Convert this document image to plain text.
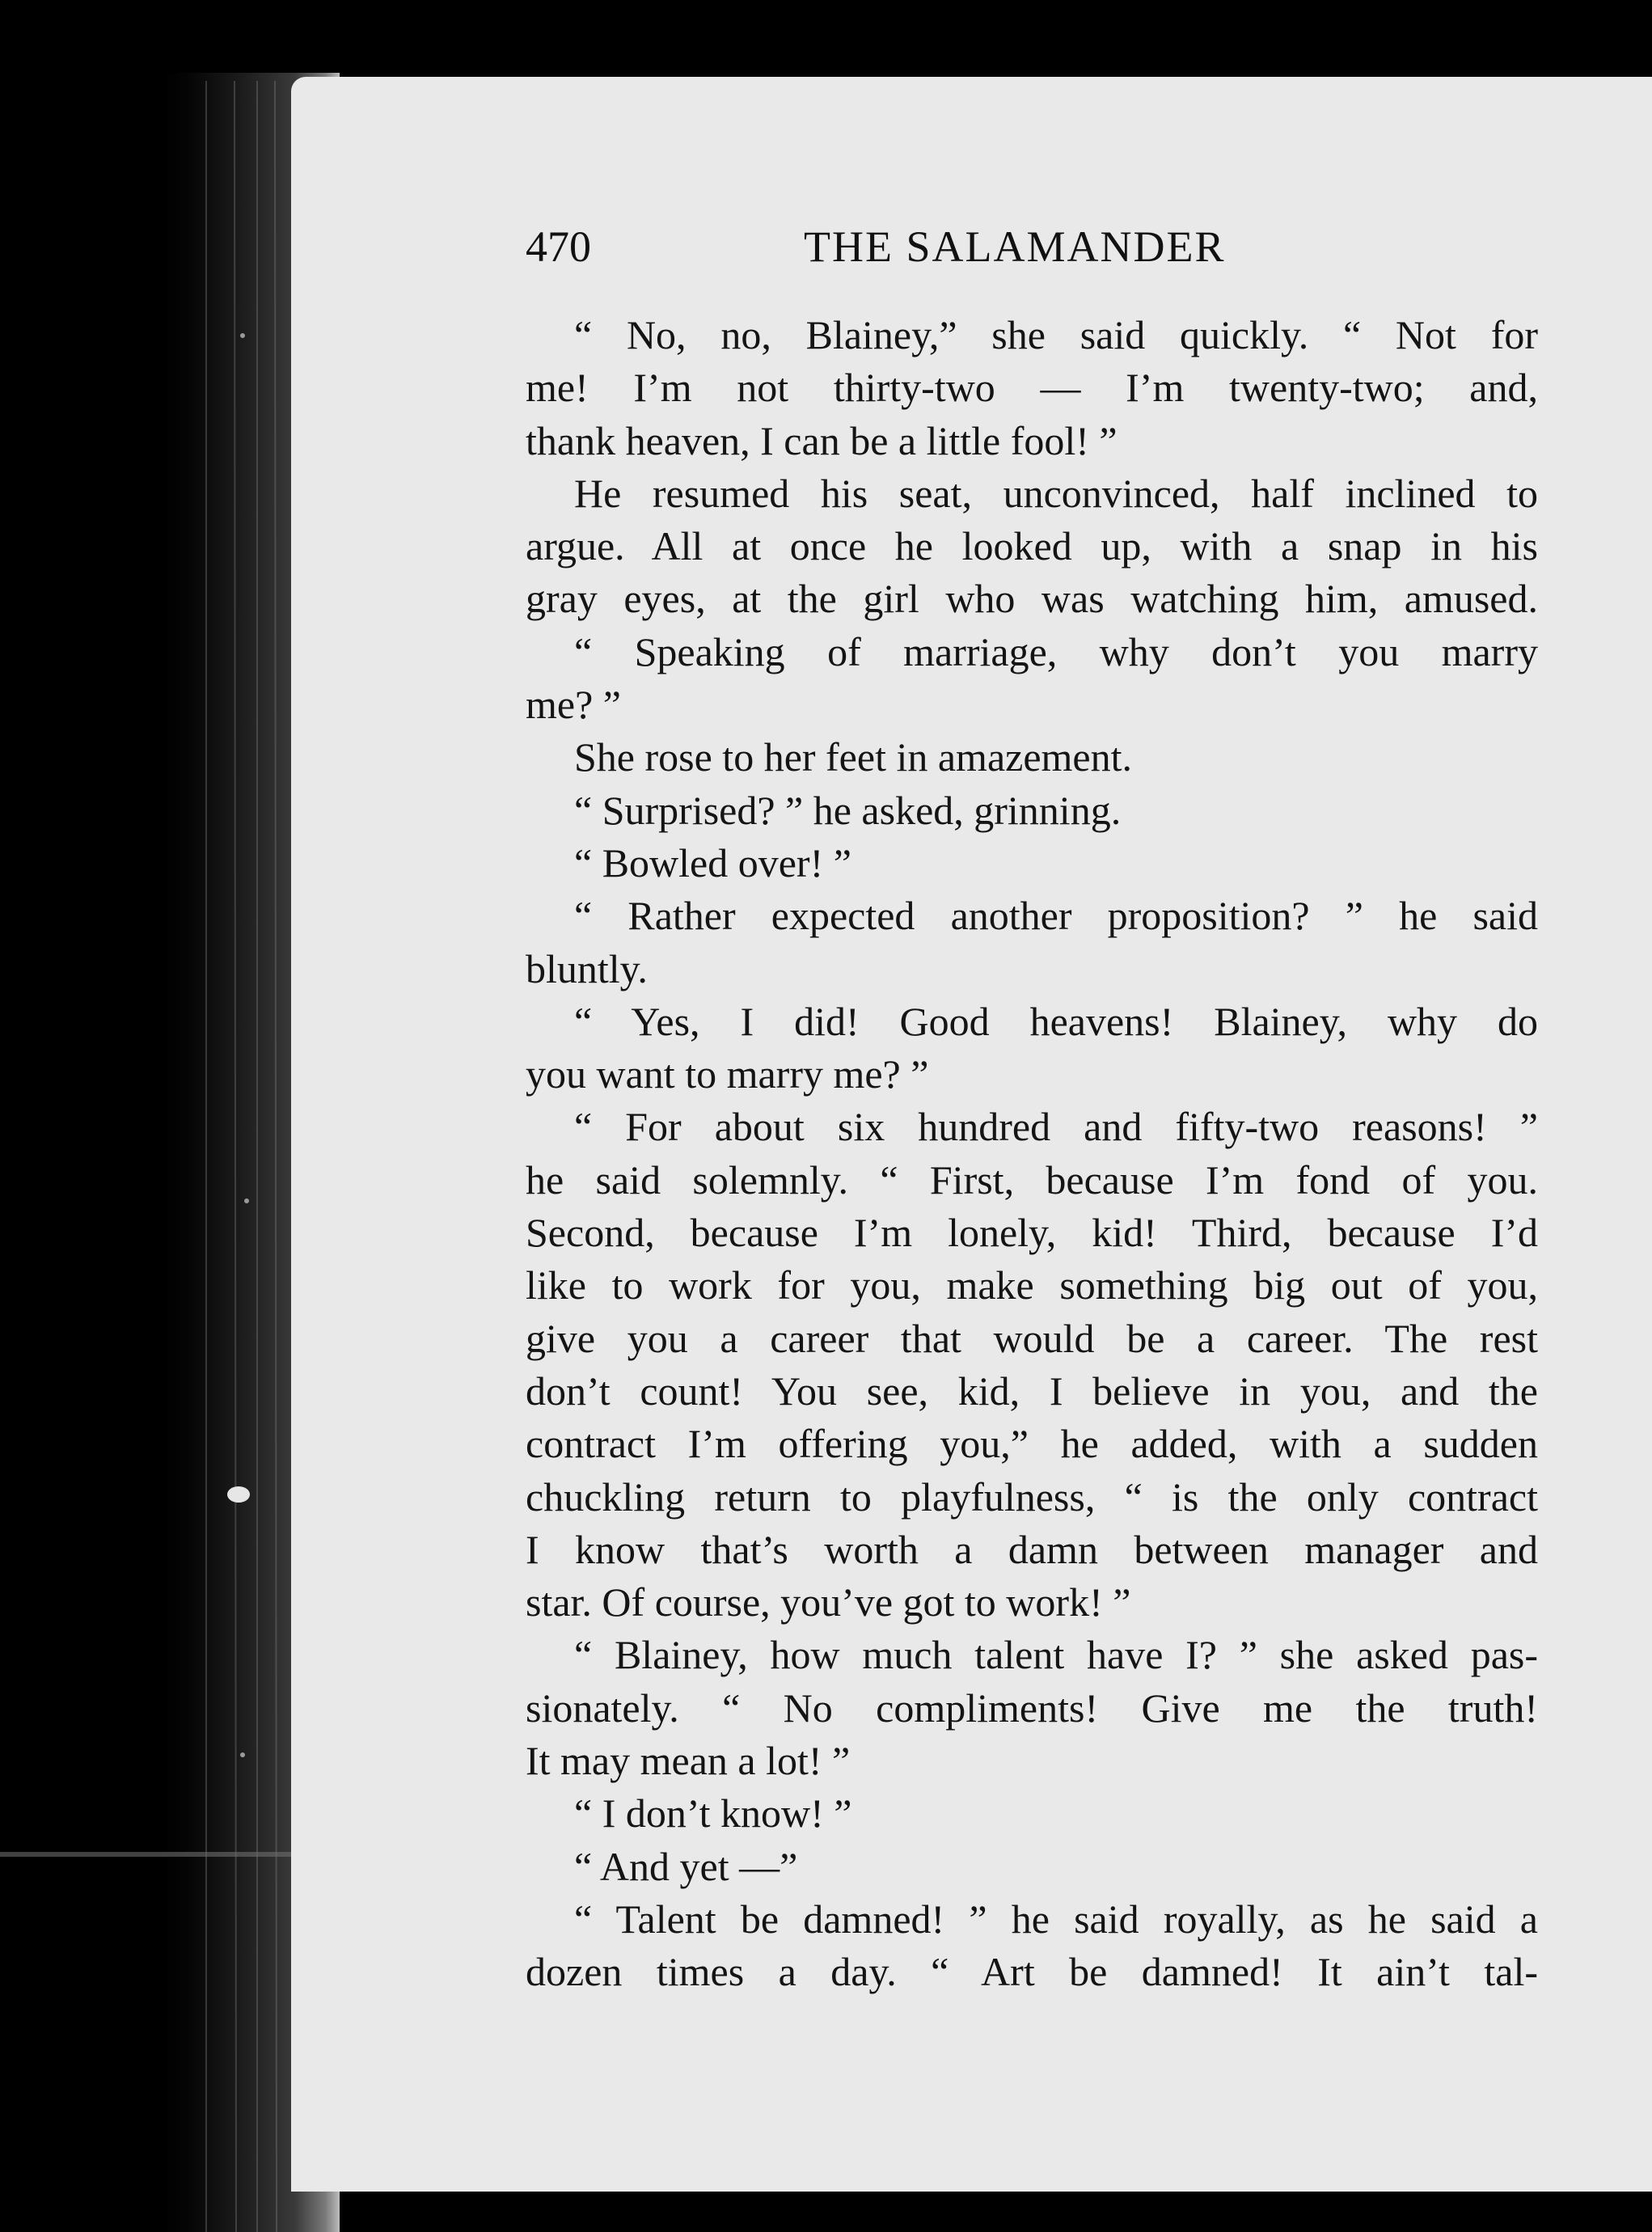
470	THE SALAMANDER
“ No, no, Blainey,” she said quickly. “ Not for
me! I’m not thirty-two — I’m twenty-two; and,
thank heaven, I can be a little fool! ”
He resumed his seat, unconvinced, half inclined to
argue. All at once he looked up, with a snap in his
gray eyes, at the girl who was watching him, amused.
“ Speaking of marriage, why don’t you marry
me? ”
She rose to her feet in amazement.
“ Surprised? ” he asked, grinning.
“ Bowled over! ”
“ Rather expected another proposition? ” he said
bluntly.
“ Yes, I did! Good heavens! Blainey, why do
you want to marry me? ”
“ For about six hundred and fifty-two reasons! ”
he said solemnly. “ First, because I’m fond of you.
Second, because I’m lonely, kid! Third, because I’d
like to work for you, make something big out of you,
give you a career that would be a career. The rest
don’t count! You see, kid, I believe in you, and the
contract I’m offering you,” he added, with a sudden
chuckling return to playfulness, “ is the only contract
I know that’s worth a damn between manager and
star. Of course, you’ve got to work! ”
“ Blainey, how much talent have I? ” she asked pas-
sionately. “ No compliments! Give me the truth!
It may mean a lot! ”
“ I don’t know! ”
“ And yet —”
“ Talent be damned! ” he said royally, as he said a
dozen times a day. “ Art be damned! It ain’t tal-
